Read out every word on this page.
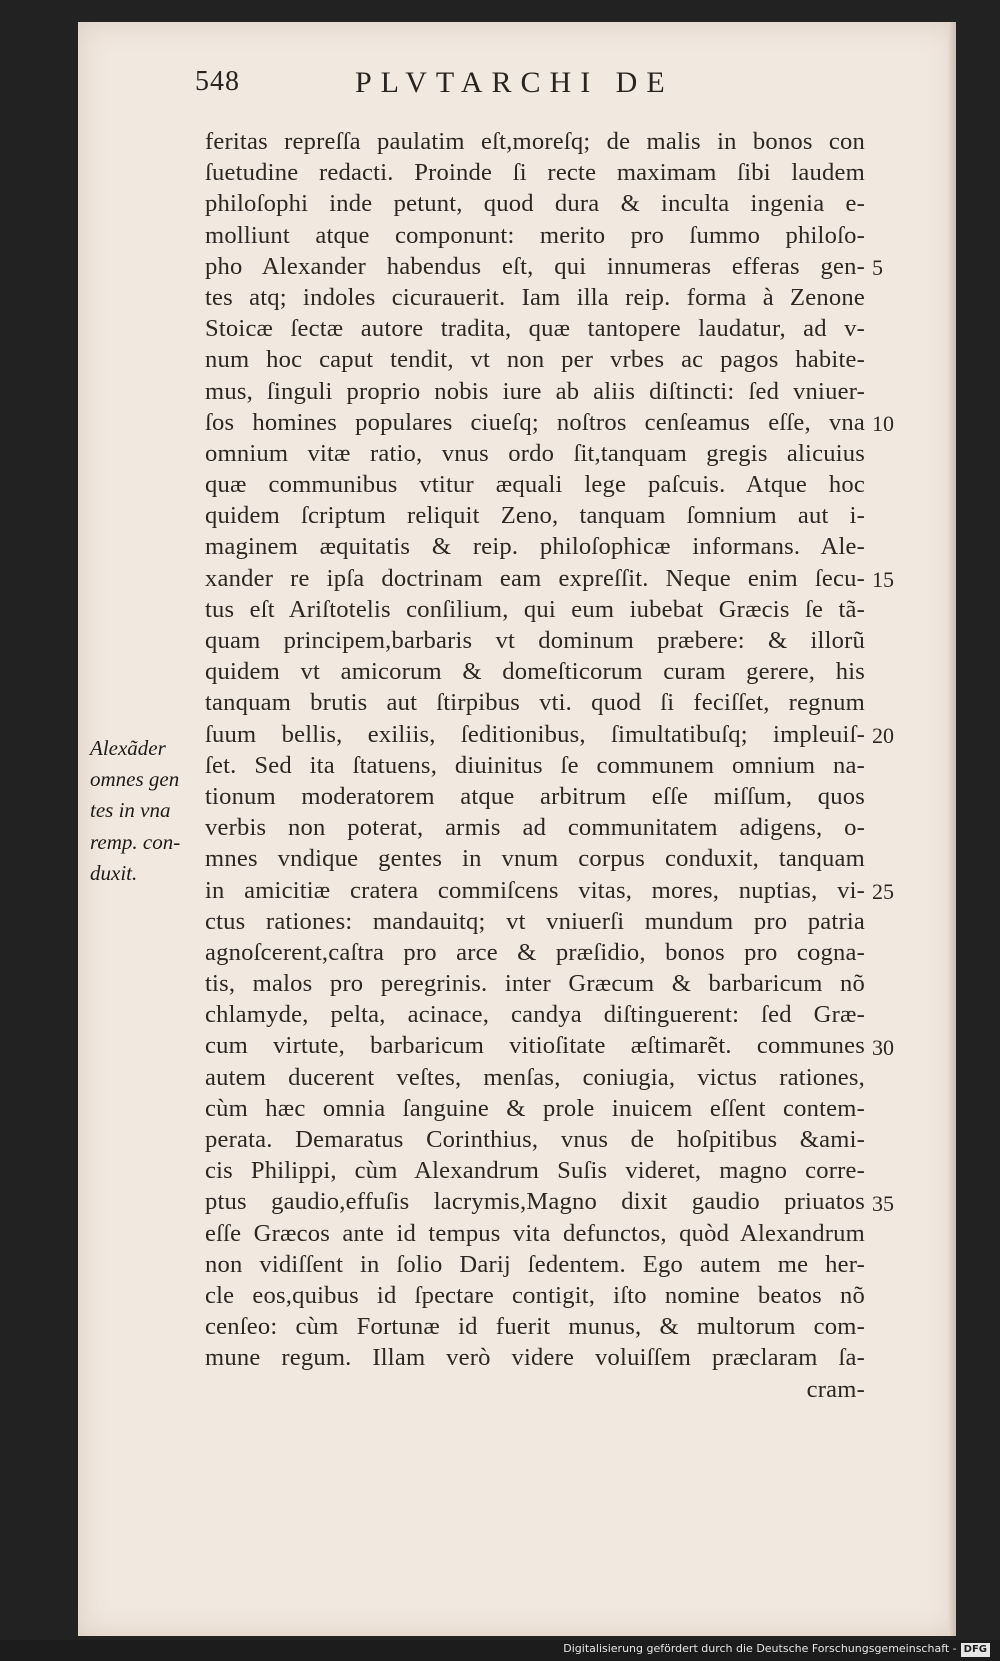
548	PLVTARCHI DE
feritas repreſſa paulatim eſt,moreſq; de malis in bonos con
ſuetudine redacti. Proinde ſi recte maximam ſibi laudem
philoſophi inde petunt, quod dura & inculta ingenia e-
molliunt atque componunt: merito pro ſummo philoſo-
pho Alexander habendus eſt, qui innumeras efferas gen-
tes atq; indoles cicurauerit. Iam illa reip. forma à Zenone
Stoicæ ſectæ autore tradita, quæ tantopere laudatur, ad v-
num hoc caput tendit, vt non per vrbes ac pagos habite-
mus, ſinguli proprio nobis iure ab aliis diſtincti: ſed vniuer-
ſos homines populares ciueſq; noſtros cenſeamus eſſe, vna
omnium vitæ ratio, vnus ordo ſit,tanquam gregis alicuius
quæ communibus vtitur æquali lege paſcuis. Atque hoc
quidem ſcriptum reliquit Zeno, tanquam ſomnium aut i-
maginem æquitatis & reip. philoſophicæ informans. Ale-
xander re ipſa doctrinam eam expreſſit. Neque enim ſecu-
tus eſt Ariſtotelis conſilium, qui eum iubebat Græcis ſe tã-
quam principem,barbaris vt dominum præbere: & illorũ
quidem vt amicorum & domeſticorum curam gerere, his
tanquam brutis aut ſtirpibus vti. quod ſi feciſſet, regnum
ſuum bellis, exiliis, ſeditionibus, ſimultatibuſq; impleuiſ-
ſet. Sed ita ſtatuens, diuinitus ſe communem omnium na-
tionum moderatorem atque arbitrum eſſe miſſum, quos
verbis non poterat, armis ad communitatem adigens, o-
mnes vndique gentes in vnum corpus conduxit, tanquam
in amicitiæ cratera commiſcens vitas, mores, nuptias, vi-
ctus rationes: mandauitq; vt vniuerſi mundum pro patria
agnoſcerent,caſtra pro arce & præſidio, bonos pro cogna-
tis, malos pro peregrinis. inter Græcum & barbaricum nõ
chlamyde, pelta, acinace, candya diſtinguerent: ſed Græ-
cum virtute, barbaricum vitioſitate æſtimarẽt. communes
autem ducerent veſtes, menſas, coniugia, victus rationes,
cùm hæc omnia ſanguine & prole inuicem eſſent contem-
perata. Demaratus Corinthius, vnus de hoſpitibus &ami-
cis Philippi, cùm Alexandrum Suſis videret, magno corre-
ptus gaudio,effuſis lacrymis,Magno dixit gaudio priuatos
eſſe Græcos ante id tempus vita defunctos, quòd Alexandrum
non vidiſſent in ſolio Darij ſedentem. Ego autem me her-
cle eos,quibus id ſpectare contigit, iſto nomine beatos nõ
cenſeo: cùm Fortunæ id fuerit munus, & multorum com-
mune regum. Illam verò videre voluiſſem præclaram ſa-
cram-
5
10
15
20
25
30
35
Alexãder
omnes gen
tes in vna
remp. con-
duxit.
Digitalisierung gefördert durch die Deutsche Forschungsgemeinschaft - DFG
